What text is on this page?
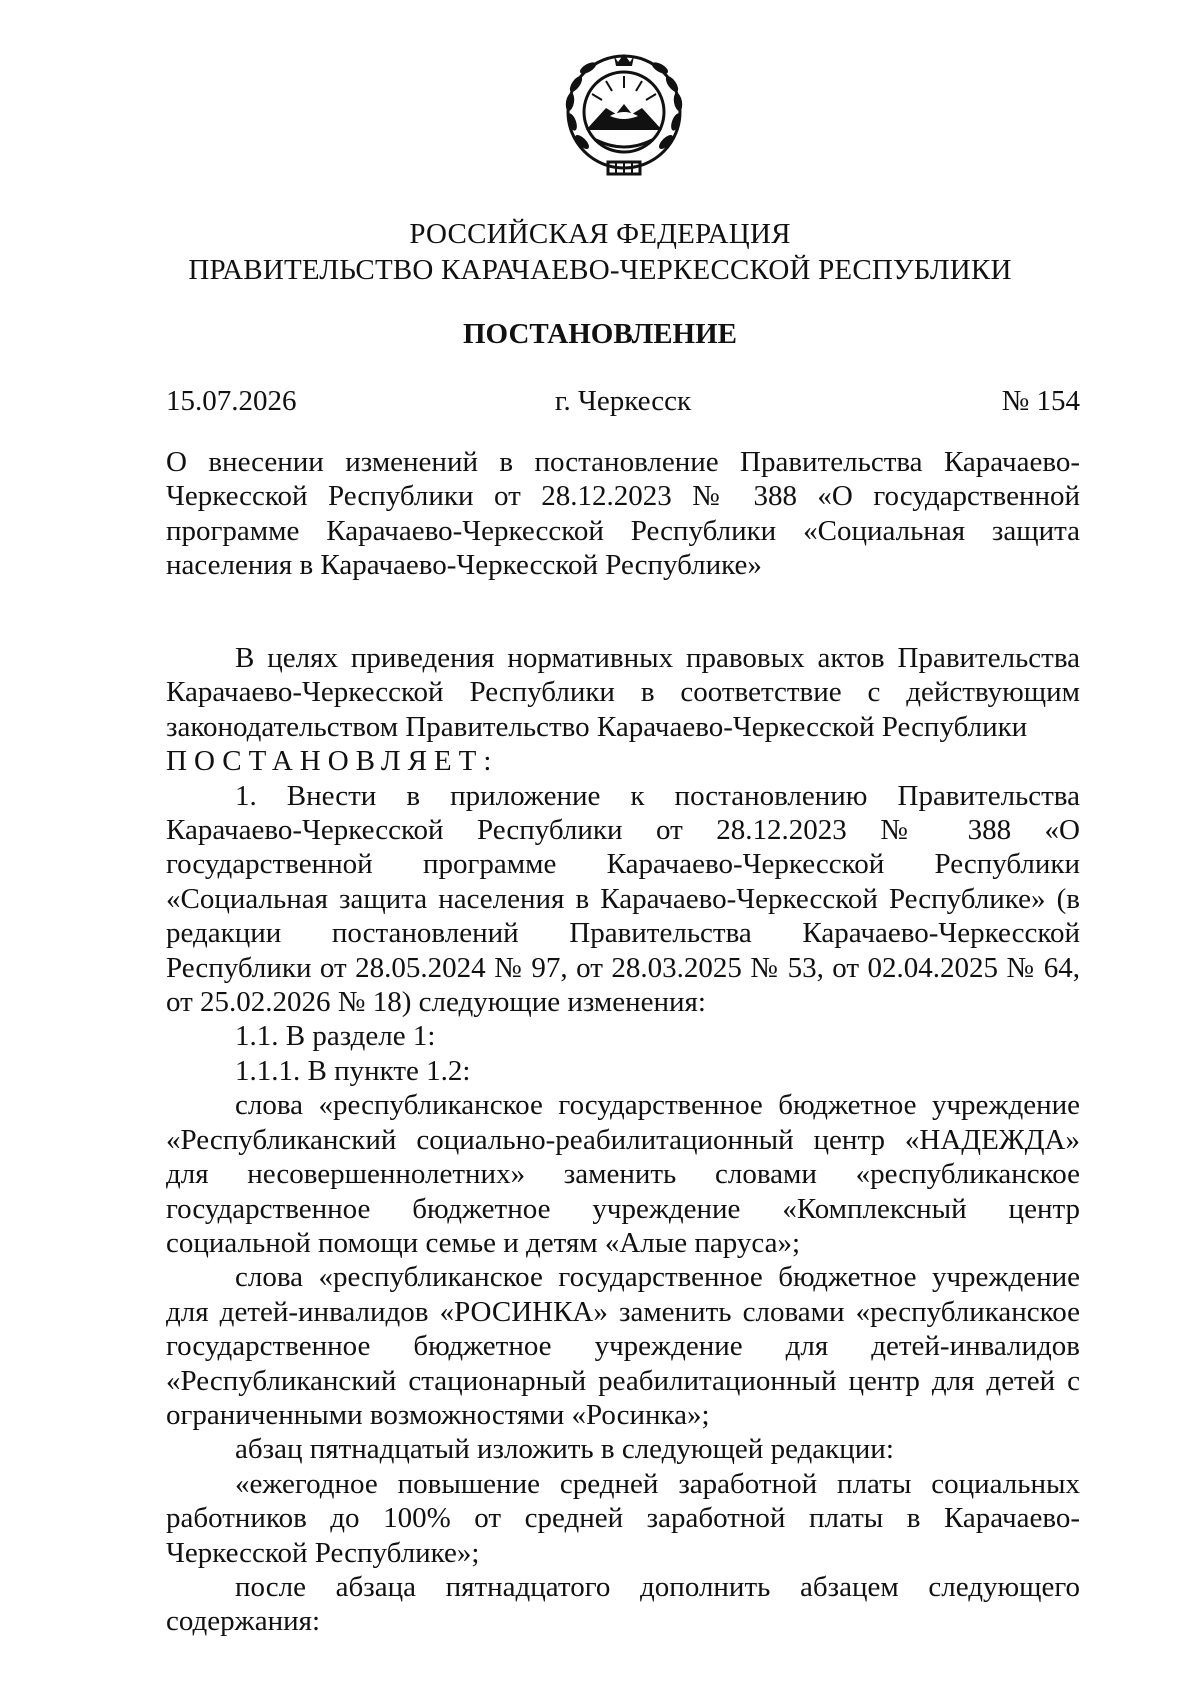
РОССИЙСКАЯ ФЕДЕРАЦИЯ
ПРАВИТЕЛЬСТВО КАРАЧАЕВО-ЧЕРКЕССКОЙ РЕСПУБЛИКИ
ПОСТАНОВЛЕНИЕ
15.07.2026	г. Черкесск	№ 154

О внесении изменений в постановление Правительства Карачаево-Черкесской Республики от 28.12.2023 № 388 «О государственной программе Карачаево-Черкесской Республики «Социальная защита населения в Карачаево-Черкесской Республике»

В целях приведения нормативных правовых актов Правительства Карачаево-Черкесской Республики в соответствие с действующим законодательством Правительство Карачаево-Черкесской Республики

ПОСТАНОВЛЯЕТ:

1. Внести в приложение к постановлению Правительства Карачаево-Черкесской Республики от 28.12.2023 № 388 «О государственной программе Карачаево-Черкесской Республики «Социальная защита населения в Карачаево-Черкесской Республике» (в редакции постановлений Правительства Карачаево-Черкесской Республики от 28.05.2024 № 97, от 28.03.2025 № 53, от 02.04.2025 № 64, от 25.02.2026 № 18) следующие изменения:

1.1. В разделе 1:

1.1.1. В пункте 1.2:

слова «республиканское государственное бюджетное учреждение «Республиканский социально-реабилитационный центр «НАДЕЖДА» для несовершеннолетних» заменить словами «республиканское государственное бюджетное учреждение «Комплексный центр социальной помощи семье и детям «Алые паруса»;

слова «республиканское государственное бюджетное учреждение для детей-инвалидов «РОСИНКА» заменить словами «республиканское государственное бюджетное учреждение для детей-инвалидов «Республиканский стационарный реабилитационный центр для детей с ограниченными возможностями «Росинка»;

абзац пятнадцатый изложить в следующей редакции:

«ежегодное повышение средней заработной платы социальных работников до 100% от средней заработной платы в Карачаево-Черкесской Республике»;

после абзаца пятнадцатого дополнить абзацем следующего содержания:
